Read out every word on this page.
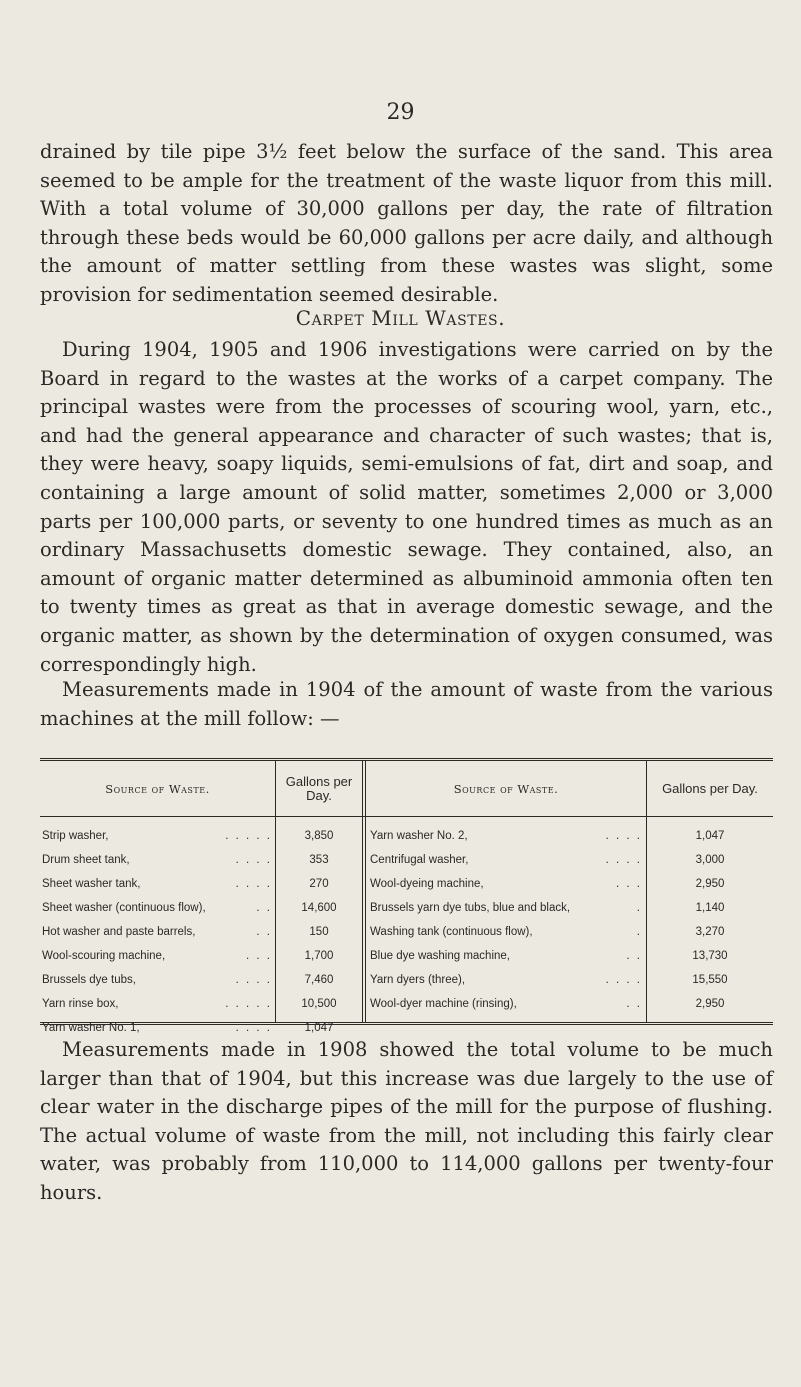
29

drained by tile pipe 3½ feet below the surface of the sand. This area seemed to be ample for the treatment of the waste liquor from this mill. With a total volume of 30,000 gallons per day, the rate of filtration through these beds would be 60,000 gallons per acre daily, and although the amount of matter settling from these wastes was slight, some provision for sedimentation seemed desirable.

Carpet Mill Wastes.

During 1904, 1905 and 1906 investigations were carried on by the Board in regard to the wastes at the works of a carpet company. The principal wastes were from the processes of scouring wool, yarn, etc., and had the general appearance and character of such wastes; that is, they were heavy, soapy liquids, semi-emulsions of fat, dirt and soap, and containing a large amount of solid matter, sometimes 2,000 or 3,000 parts per 100,000 parts, or seventy to one hundred times as much as an ordinary Massachusetts domestic sewage. They contained, also, an amount of organic matter determined as albuminoid ammonia often ten to twenty times as great as that in average domestic sewage, and the organic matter, as shown by the determination of oxygen consumed, was correspondingly high.

Measurements made in 1904 of the amount of waste from the various machines at the mill follow: —

Source of Waste.	Gallons per Day.	Source of Waste.	Gallons per Day.
Strip washer,	. . . . .	3,850
Drum sheet tank,	. . . .	353
Sheet washer tank,	. . . .	270
Sheet washer (continuous flow),	. .	14,600
Hot washer and paste barrels,	. .	150
Wool-scouring machine,	. . .	1,700
Brussels dye tubs,	. . . .	7,460
Yarn rinse box,	. . . . .	10,500
Yarn washer No. 1,	. . . .	1,047
Yarn washer No. 2,	. . . .	1,047
Centrifugal washer,	. . . .	3,000
Wool-dyeing machine,	. . .	2,950
Brussels yarn dye tubs, blue and black,	.	1,140
Washing tank (continuous flow),	.	3,270
Blue dye washing machine,	. .	13,730
Yarn dyers (three),	. . . .	15,550
Wool-dyer machine (rinsing),	. .	2,950

Measurements made in 1908 showed the total volume to be much larger than that of 1904, but this increase was due largely to the use of clear water in the discharge pipes of the mill for the purpose of flushing. The actual volume of waste from the mill, not including this fairly clear water, was probably from 110,000 to 114,000 gallons per twenty-four hours.
